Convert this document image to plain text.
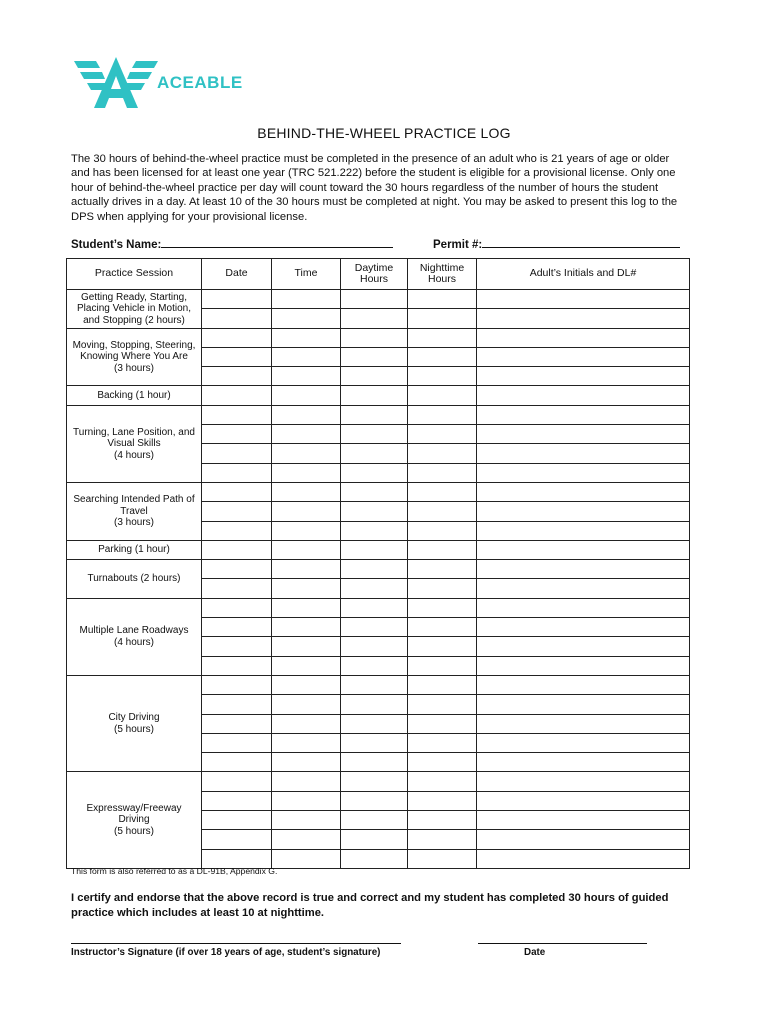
ACEABLE
BEHIND-THE-WHEEL PRACTICE LOG

The 30 hours of behind-the-wheel practice must be completed in the presence of an adult who is 21 years of age or older and has been licensed for at least one year (TRC 521.222) before the student is eligible for a provisional license. Only one hour of behind-the-wheel practice per day will count toward the 30 hours regardless of the number of hours the student actually drives in a day. At least 10 of the 30 hours must be completed at night. You may be asked to present this log to the DPS when applying for your provisional license.

Student’s Name:	Permit #:
Practice Session	Date	Time	Daytime Hours	Nighttime Hours	Adult’s Initials and DL#
Getting Ready, Starting, Placing Vehicle in Motion, and Stopping (2 hours)					

Moving, Stopping, Steering, Knowing Where You Are
(3 hours)					

Backing (1 hour)					
Turning, Lane Position, and Visual Skills
(4 hours)					

Searching Intended Path of Travel
(3 hours)					

Parking (1 hour)					
Turnabouts (2 hours)					

Multiple Lane Roadways
(4 hours)					

City Driving
(5 hours)					

Expressway/Freeway Driving
(5 hours)					

This form is also referred to as a DL-91B, Appendix G.

I certify and endorse that the above record is true and correct and my student has completed 30 hours of guided practice which includes at least 10 at nighttime.

Instructor’s Signature (if over 18 years of age, student’s signature)	Date
